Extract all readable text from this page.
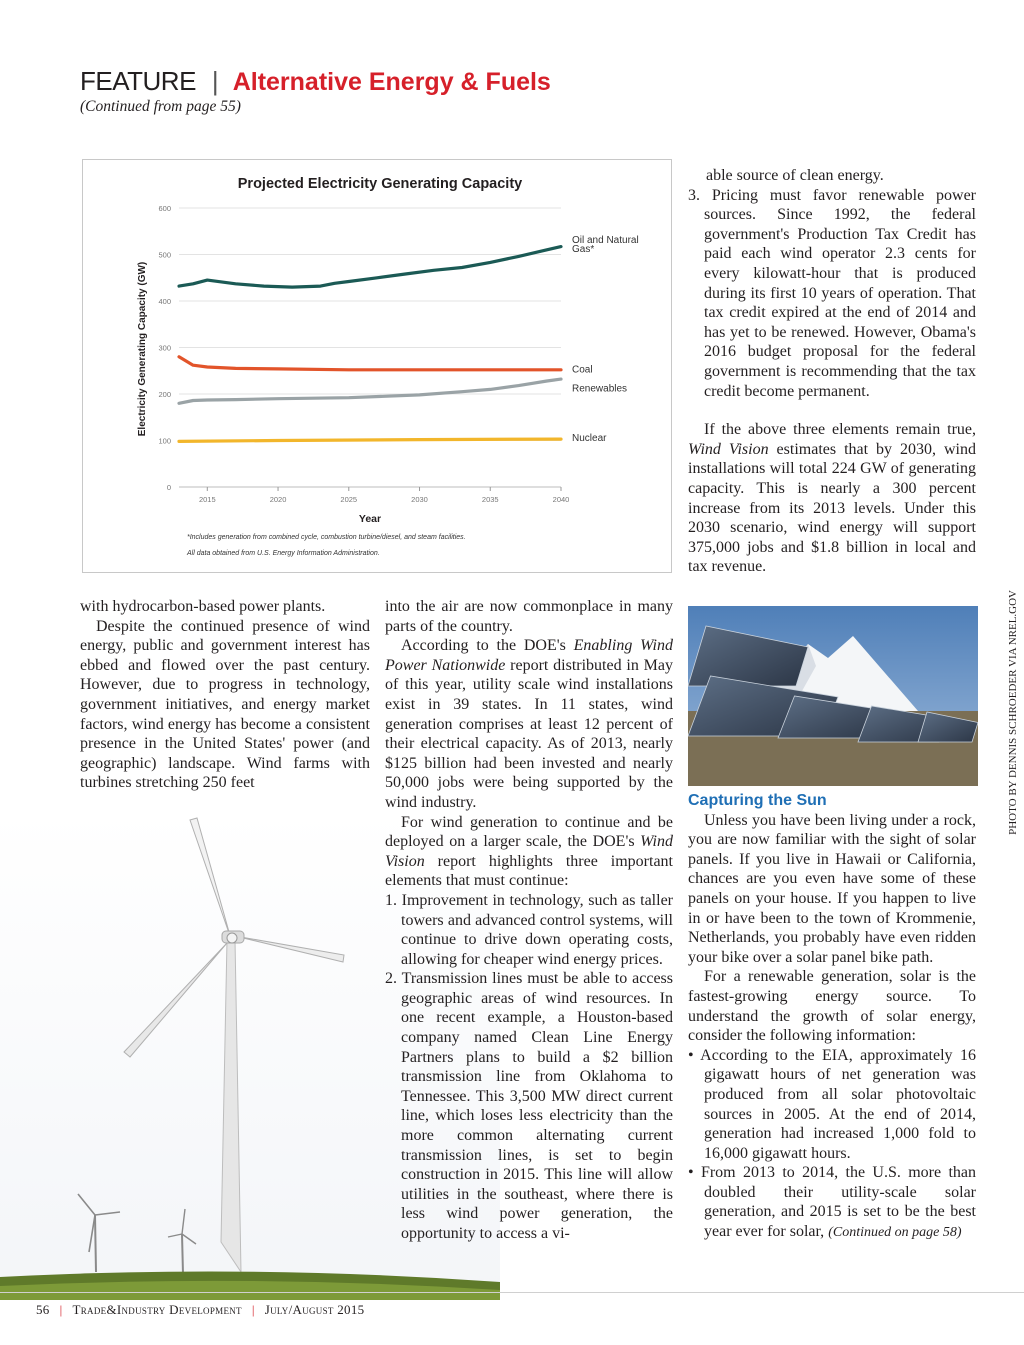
FEATURE | Alternative Energy & Fuels
(Continued from page 55)
Projected Electricity Generating Capacity
Electricity Generating Capacity (GW)
Year
*Includes generation from combined cycle, combustion turbine/diesel, and steam facilities.
All data obtained from U.S. Energy Information Administration.
0
100
200
300
400
500
600
2015	2020	2025	2030	2035	2040
Oil and Natural Gas*
Coal
Renewables
Nuclear

with hydrocarbon-based power plants.

Despite the continued presence of wind energy, public and government interest has ebbed and flowed over the past century. However, due to progress in technology, government initiatives, and energy market factors, wind energy has become a consistent presence in the United States' power (and geographic) landscape. Wind farms with turbines stretching 250 feet

into the air are now commonplace in many parts of the country.

According to the DOE's Enabling Wind Power Nationwide report distributed in May of this year, utility scale wind installations exist in 39 states. In 11 states, wind generation comprises at least 12 percent of their electrical capacity. As of 2013, nearly $125 billion had been invested and nearly 50,000 jobs were being supported by the wind industry.

For wind generation to continue and be deployed on a larger scale, the DOE's Wind Vision report highlights three important elements that must continue:

1. Improvement in technology, such as taller towers and advanced control systems, will continue to drive down operating costs, allowing for cheaper wind energy prices.

2. Transmission lines must be able to access geographic areas of wind resources. In one recent example, a Houston-based company named Clean Line Energy Partners plans to build a $2 billion transmission line from Oklahoma to Tennessee. This 3,500 MW direct current line, which loses less electricity than the more common alternating current transmission lines, is set to begin construction in 2015. This line will allow utilities in the southeast, where there is less wind power generation, the opportunity to access a vi-

able source of clean energy.

3. Pricing must favor renewable power sources. Since 1992, the federal government's Production Tax Credit has paid each wind operator 2.3 cents for every kilowatt-hour that is produced during its first 10 years of operation. That tax credit expired at the end of 2014 and has yet to be renewed. However, Obama's 2016 budget proposal for the federal government is recommending that the tax credit become permanent.

If the above three elements remain true, Wind Vision estimates that by 2030, wind installations will total 224 GW of generating capacity. This is nearly a 300 percent increase from its 2013 levels. Under this 2030 scenario, wind energy will support 375,000 jobs and $1.8 billion in local and tax revenue.

PHOTO BY DENNIS SCHROEDER VIA NREL.GOV

Capturing the Sun

Unless you have been living under a rock, you are now familiar with the sight of solar panels. If you live in Hawaii or California, chances are you even have some of these panels on your house. If you happen to live in or have been to the town of Krommenie, Netherlands, you probably have even ridden your bike over a solar panel bike path.

For a renewable generation, solar is the fastest-growing energy source. To understand the growth of solar energy, consider the following information:

• According to the EIA, approximately 16 gigawatt hours of net generation was produced from all solar photovoltaic sources in 2005. At the end of 2014, generation had increased 1,000 fold to 16,000 gigawatt hours.

• From 2013 to 2014, the U.S. more than doubled their utility-scale solar generation, and 2015 is set to be the best year ever for solar, (Continued on page 58)

56 | Trade&Industry Development | July/August 2015
